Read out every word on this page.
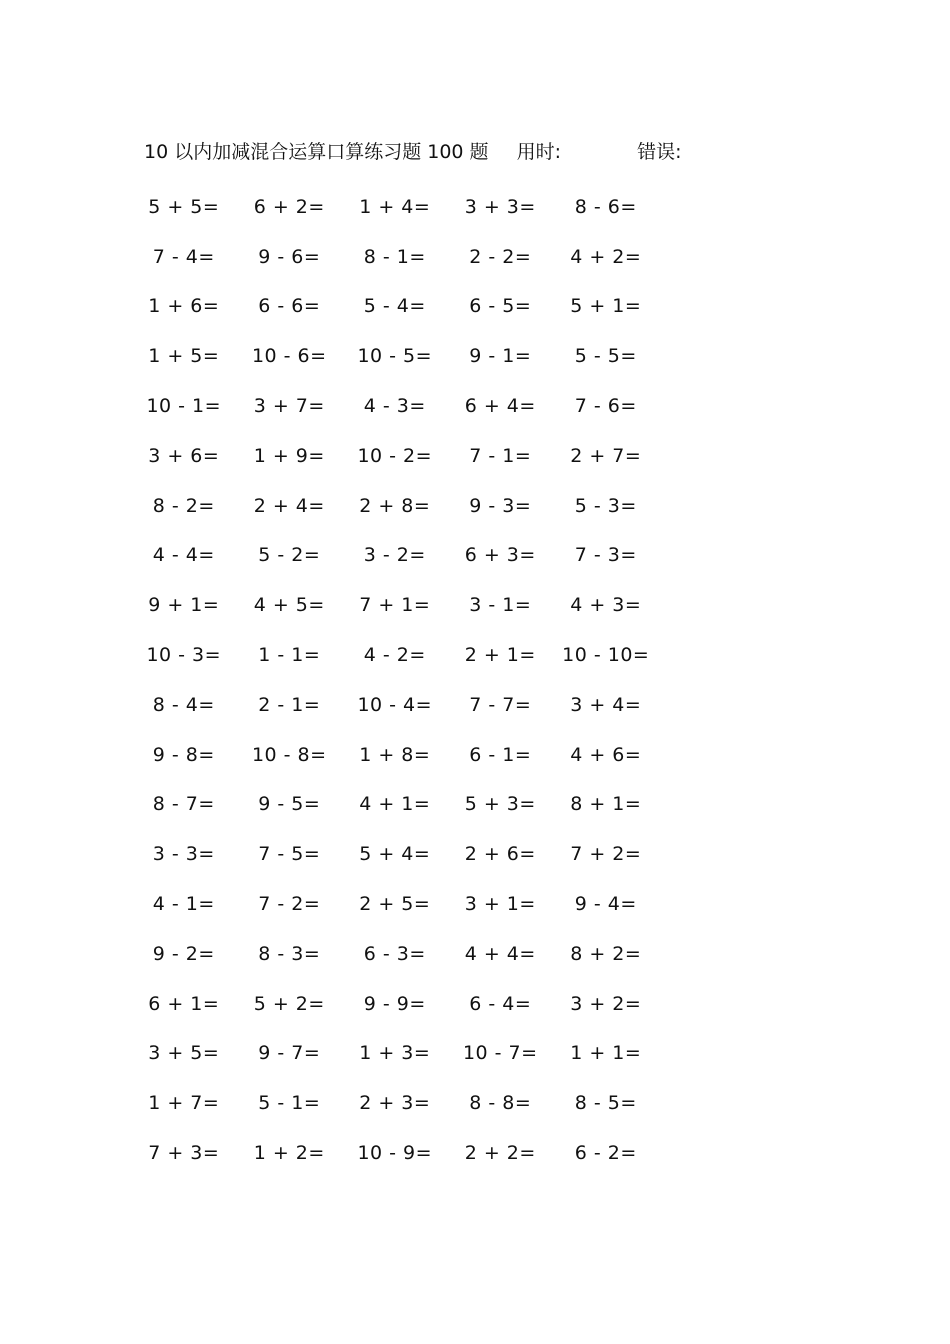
10 以内加减混合运算口算练习题 100 题 用时:	错误:
5 + 5=	6 + 2=	1 + 4=	3 + 3=	8 - 6=
7 - 4=	9 - 6=	8 - 1=	2 - 2=	4 + 2=
1 + 6=	6 - 6=	5 - 4=	6 - 5=	5 + 1=
1 + 5=	10 - 6=	10 - 5=	9 - 1=	5 - 5=
10 - 1=	3 + 7=	4 - 3=	6 + 4=	7 - 6=
3 + 6=	1 + 9=	10 - 2=	7 - 1=	2 + 7=
8 - 2=	2 + 4=	2 + 8=	9 - 3=	5 - 3=
4 - 4=	5 - 2=	3 - 2=	6 + 3=	7 - 3=
9 + 1=	4 + 5=	7 + 1=	3 - 1=	4 + 3=
10 - 3=	1 - 1=	4 - 2=	2 + 1=	10 - 10=
8 - 4=	2 - 1=	10 - 4=	7 - 7=	3 + 4=
9 - 8=	10 - 8=	1 + 8=	6 - 1=	4 + 6=
8 - 7=	9 - 5=	4 + 1=	5 + 3=	8 + 1=
3 - 3=	7 - 5=	5 + 4=	2 + 6=	7 + 2=
4 - 1=	7 - 2=	2 + 5=	3 + 1=	9 - 4=
9 - 2=	8 - 3=	6 - 3=	4 + 4=	8 + 2=
6 + 1=	5 + 2=	9 - 9=	6 - 4=	3 + 2=
3 + 5=	9 - 7=	1 + 3=	10 - 7=	1 + 1=
1 + 7=	5 - 1=	2 + 3=	8 - 8=	8 - 5=
7 + 3=	1 + 2=	10 - 9=	2 + 2=	6 - 2=
